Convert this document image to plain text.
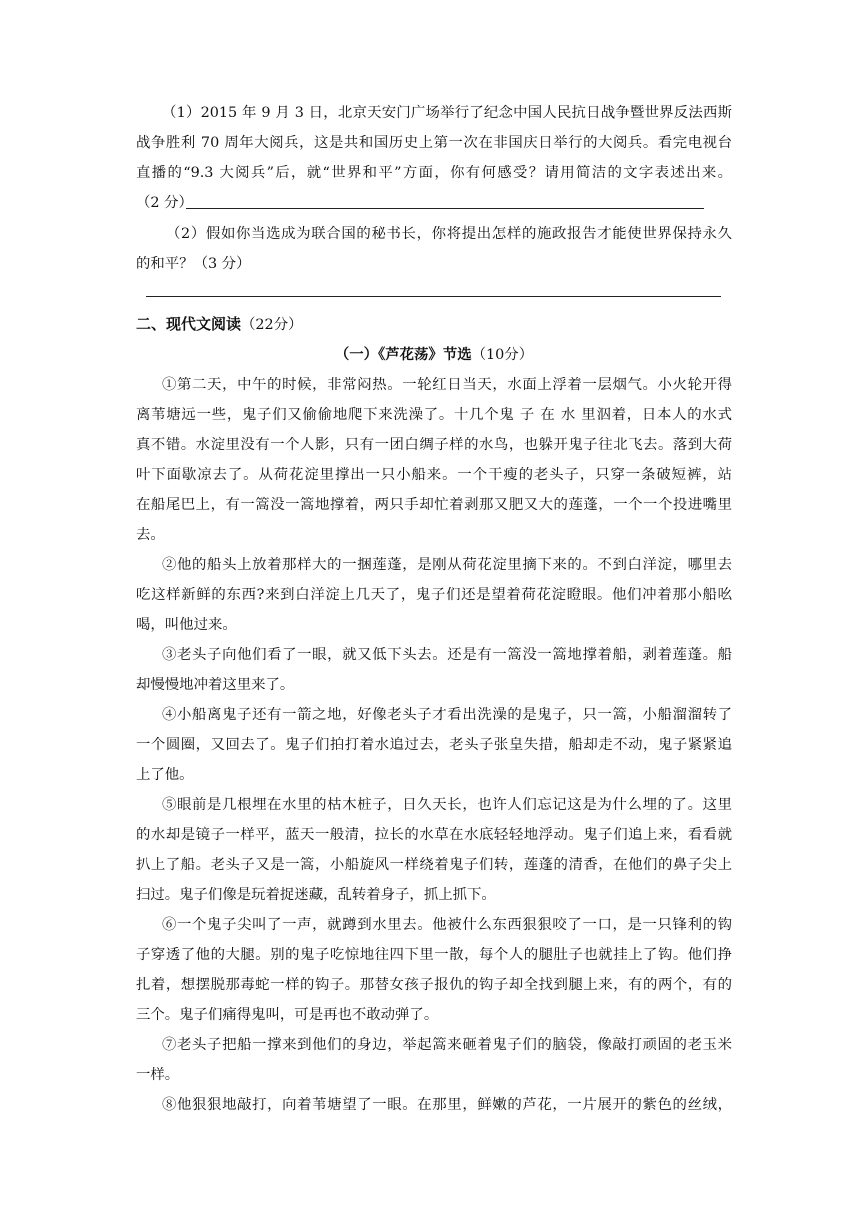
（1）2015 年 9 月 3 日，北京天安门广场举行了纪念中国人民抗日战争暨世界反法西斯
战争胜利 70 周年大阅兵，这是共和国历史上第一次在非国庆日举行的大阅兵。看完电视台
直播的“9.3 大阅兵”后，就“世界和平”方面，你有何感受？请用简洁的文字表述出来。
（2 分）
（2）假如你当选成为联合国的秘书长，你将提出怎样的施政报告才能使世界保持永久
的和平？（3 分）
二、现代文阅读（22分）
（一）《芦花荡》节选（10分）
①第二天，中午的时候，非常闷热。一轮红日当天，水面上浮着一层烟气。小火轮开得
离苇塘远一些，鬼子们又偷偷地爬下来洗澡了。十几个鬼 子 在 水 里泅着，日本人的水式
真不错。水淀里没有一个人影，只有一团白绸子样的水鸟，也躲开鬼子往北飞去。落到大荷
叶下面歇凉去了。从荷花淀里撑出一只小船来。一个干瘦的老头子，只穿一条破短裤，站
在船尾巴上，有一篙没一篙地撑着，两只手却忙着剥那又肥又大的莲蓬，一个一个投进嘴里
去。
②他的船头上放着那样大的一捆莲蓬，是刚从荷花淀里摘下来的。不到白洋淀，哪里去
吃这样新鲜的东西?来到白洋淀上几天了，鬼子们还是望着荷花淀瞪眼。他们冲着那小船吆
喝，叫他过来。
③老头子向他们看了一眼，就又低下头去。还是有一篙没一篙地撑着船，剥着莲蓬。船
却慢慢地冲着这里来了。
④小船离鬼子还有一箭之地，好像老头子才看出洗澡的是鬼子，只一篙，小船溜溜转了
一个圆圈，又回去了。鬼子们拍打着水追过去，老头子张皇失措，船却走不动，鬼子紧紧追
上了他。
⑤眼前是几根埋在水里的枯木桩子，日久天长，也许人们忘记这是为什么埋的了。这里
的水却是镜子一样平，蓝天一般清，拉长的水草在水底轻轻地浮动。鬼子们追上来，看看就
扒上了船。老头子又是一篙，小船旋风一样绕着鬼子们转，莲蓬的清香，在他们的鼻子尖上
扫过。鬼子们像是玩着捉迷藏，乱转着身子，抓上抓下。
⑥一个鬼子尖叫了一声，就蹲到水里去。他被什么东西狠狠咬了一口，是一只锋利的钩
子穿透了他的大腿。别的鬼子吃惊地往四下里一散，每个人的腿肚子也就挂上了钩。他们挣
扎着，想摆脱那毒蛇一样的钩子。那替女孩子报仇的钩子却全找到腿上来，有的两个，有的
三个。鬼子们痛得鬼叫，可是再也不敢动弹了。
⑦老头子把船一撑来到他们的身边，举起篙来砸着鬼子们的脑袋，像敲打顽固的老玉米
一样。
⑧他狠狠地敲打，向着苇塘望了一眼。在那里，鲜嫩的芦花，一片展开的紫色的丝绒，
